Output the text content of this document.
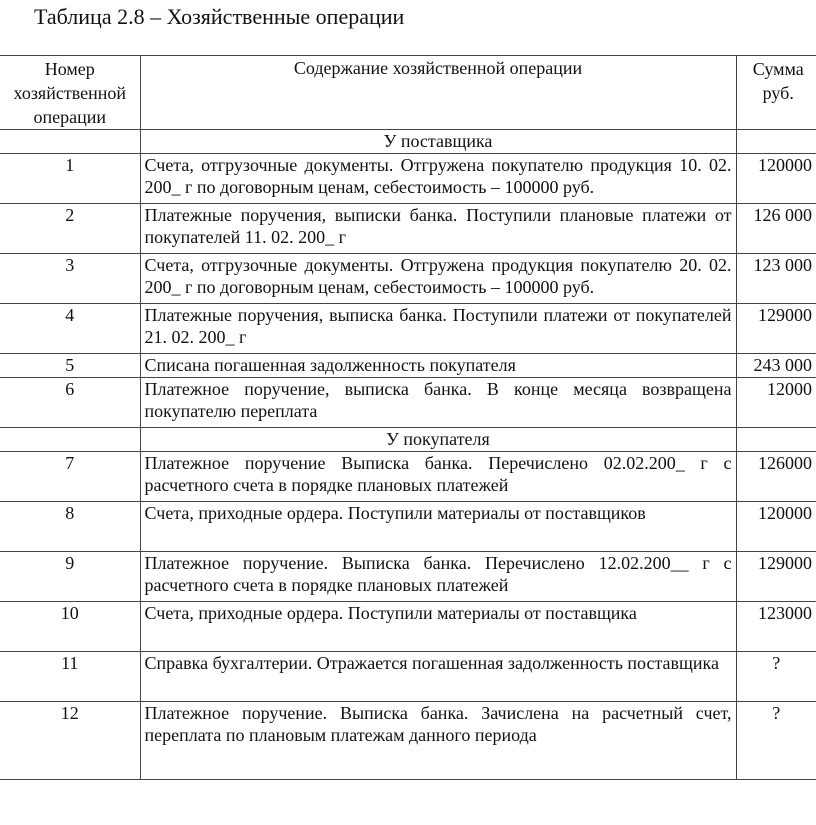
Таблица 2.8 – Хозяйственные операции
Номер хозяйственной операции	Содержание хозяйственной операции	Сумма руб.
	У поставщика	
1	Счета, отгрузочные документы. Отгружена покупателю продукция 10. 02. 200_ г по договорным ценам, себестоимость – 100000 руб.	120000
2	Платежные поручения, выписки банка. Поступили плановые платежи от покупателей 11. 02. 200_ г	126 000
3	Счета, отгрузочные документы. Отгружена продукция покупателю 20. 02. 200_ г по договорным ценам, себестоимость – 100000 руб.	123 000
4	Платежные поручения, выписка банка. Поступили платежи от покупателей 21. 02. 200_ г	129000
5	Списана погашенная задолженность покупателя	243 000
6	Платежное поручение, выписка банка. В конце месяца возвращена покупателю переплата	12000
	У покупателя	
7	Платежное поручение Выписка банка. Перечислено 02.02.200_ г с расчетного счета в порядке плановых платежей	126000
8	Счета, приходные ордера. Поступили материалы от поставщиков	120000
9	Платежное поручение. Выписка банка. Перечислено 12.02.200__ г с расчетного счета в порядке плановых платежей	129000
10	Счета, приходные ордера. Поступили материалы от поставщика	123000
11	Справка бухгалтерии. Отражается погашенная задолженность поставщика	?
12	Платежное поручение. Выписка банка. Зачислена на расчетный счет, переплата по плановым платежам данного периода	?
